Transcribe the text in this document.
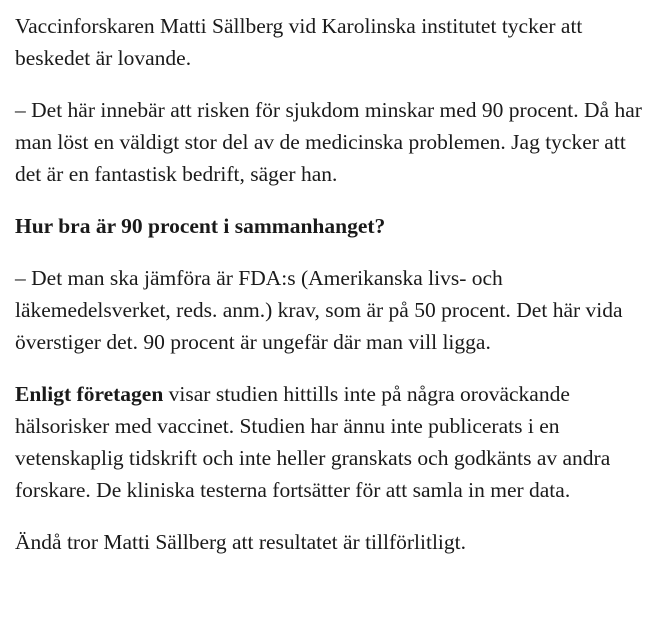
Vaccinforskaren Matti Sällberg vid Karolinska institutet tycker att beskedet är lovande.

– Det här innebär att risken för sjukdom minskar med 90 procent. Då har man löst en väldigt stor del av de medicinska problemen. Jag tycker att det är en fantastisk bedrift, säger han.

Hur bra är 90 procent i sammanhanget?

– Det man ska jämföra är FDA:s (Amerikanska livs- och läkemedelsverket, reds. anm.) krav, som är på 50 procent. Det här vida överstiger det. 90 procent är ungefär där man vill ligga.

Enligt företagen visar studien hittills inte på några oroväckande hälsorisker med vaccinet. Studien har ännu inte publicerats i en vetenskaplig tidskrift och inte heller granskats och godkänts av andra forskare. De kliniska testerna fortsätter för att samla in mer data.

Ändå tror Matti Sällberg att resultatet är tillförlitligt.
